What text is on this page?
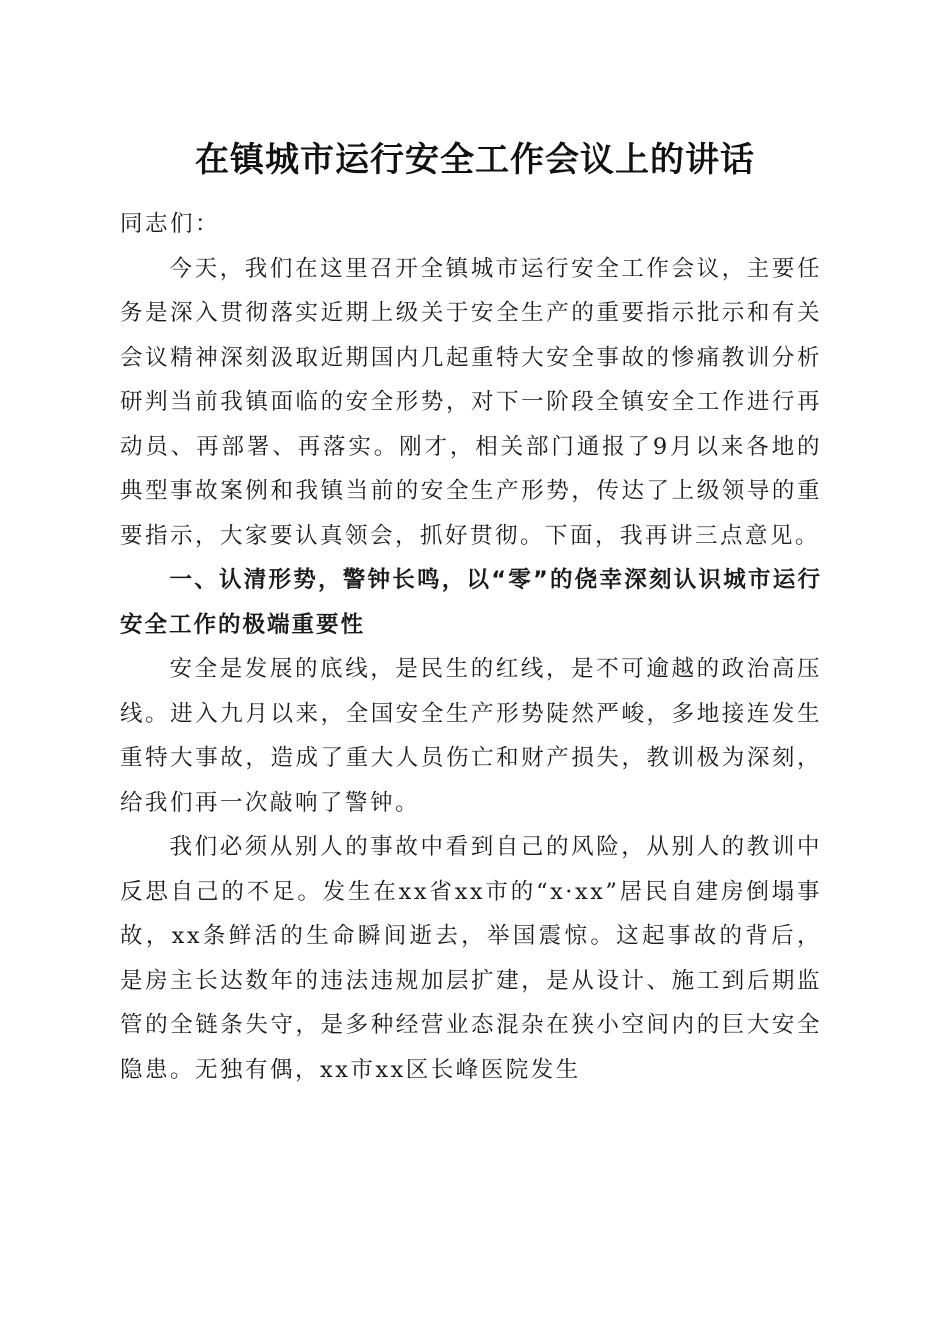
在镇城市运行安全工作会议上的讲话

同志们：

今天，我们在这里召开全镇城市运行安全工作会议，主要任务是深入贯彻落实近期上级关于安全生产的重要指示批示和有关会议精神深刻汲取近期国内几起重特大安全事故的惨痛教训分析研判当前我镇面临的安全形势，对下一阶段全镇安全工作进行再动员、再部署、再落实。刚才，相关部门通报了9月以来各地的典型事故案例和我镇当前的安全生产形势，传达了上级领导的重要指示，大家要认真领会，抓好贯彻。下面，我再讲三点意见。

一、认清形势，警钟长鸣，以“零”的侥幸深刻认识城市运行安全工作的极端重要性

安全是发展的底线，是民生的红线，是不可逾越的政治高压线。进入九月以来，全国安全生产形势陡然严峻，多地接连发生重特大事故，造成了重大人员伤亡和财产损失，教训极为深刻，给我们再一次敲响了警钟。

我们必须从别人的事故中看到自己的风险，从别人的教训中反思自己的不足。发生在xx省xx市的“x·xx”居民自建房倒塌事故，xx条鲜活的生命瞬间逝去，举国震惊。这起事故的背后，是房主长达数年的违法违规加层扩建，是从设计、施工到后期监管的全链条失守，是多种经营业态混杂在狭小空间内的巨大安全隐患。无独有偶，xx市xx区长峰医院发生
